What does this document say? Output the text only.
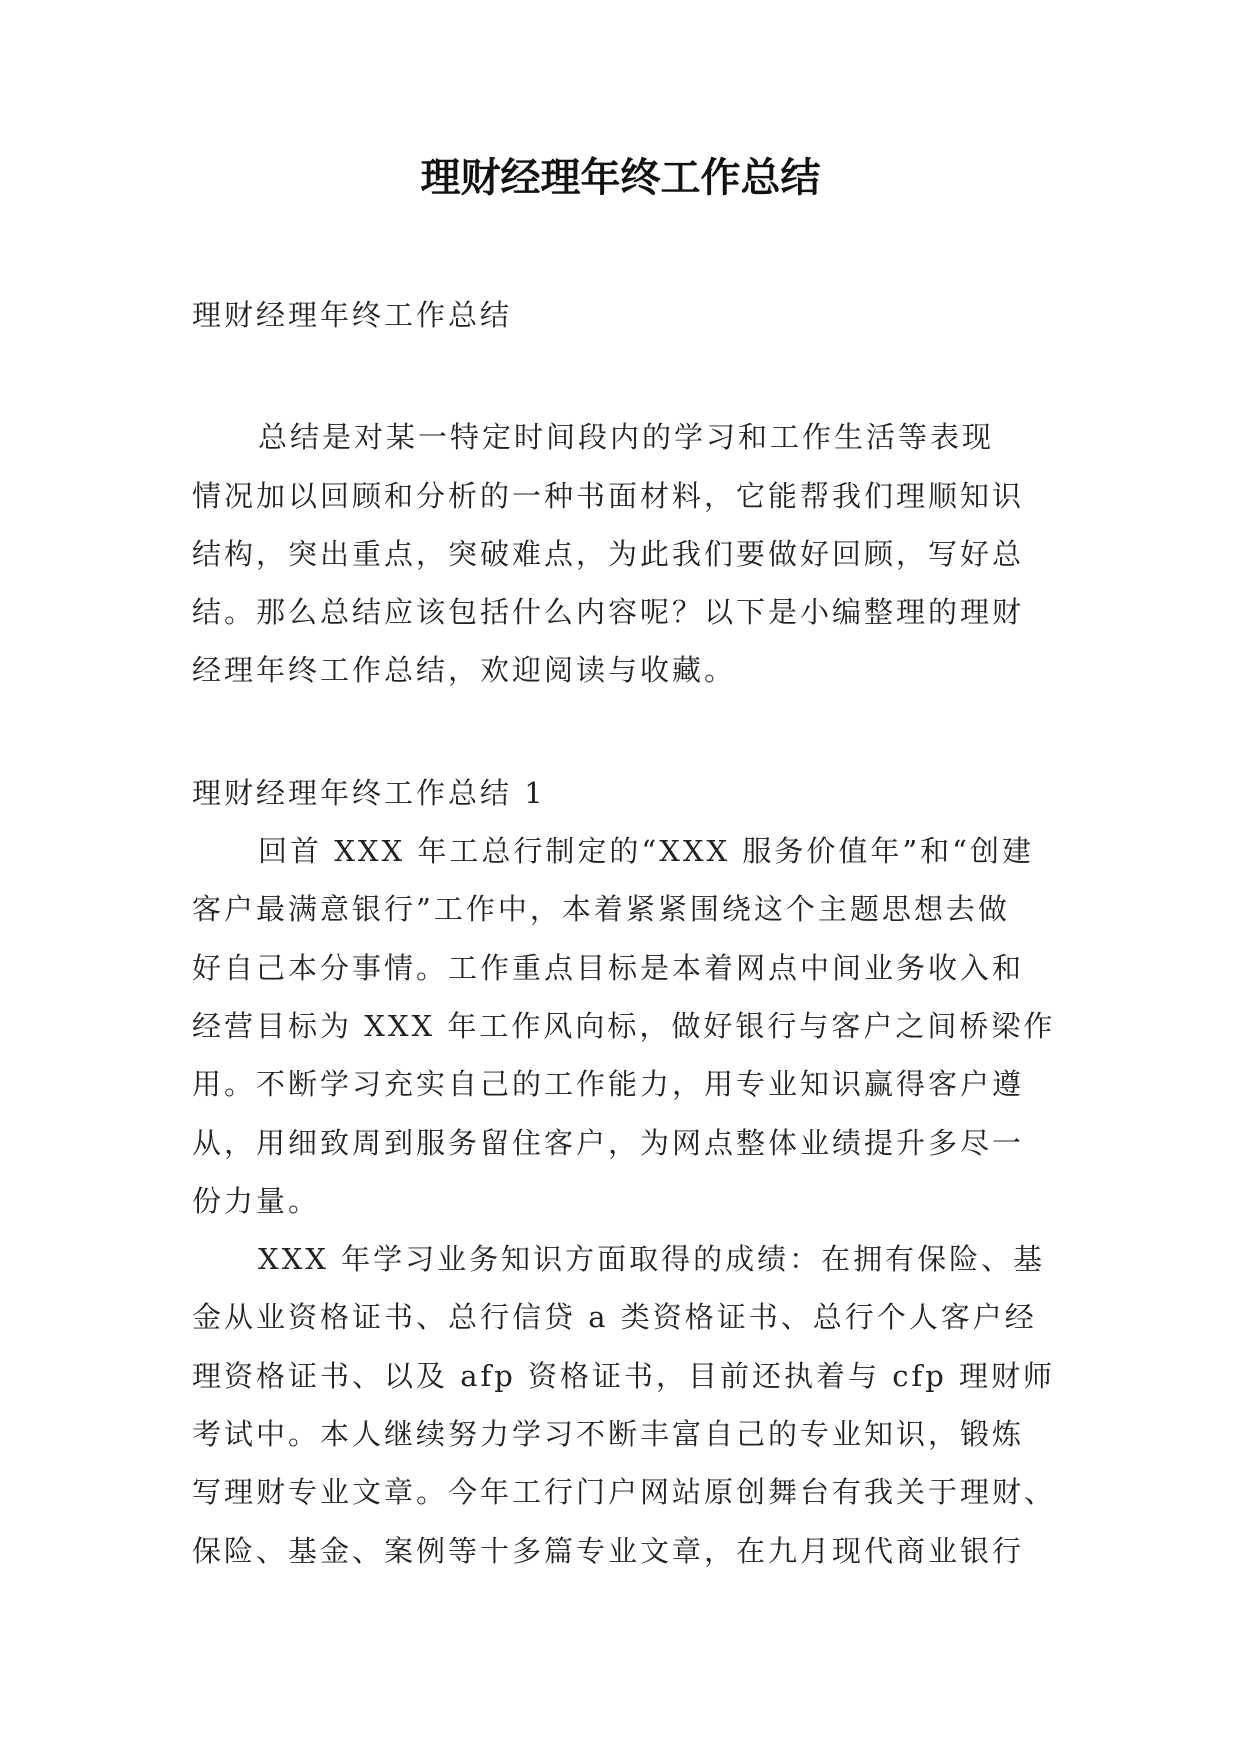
理财经理年终工作总结
理财经理年终工作总结
总结是对某一特定时间段内的学习和工作生活等表现
情况加以回顾和分析的一种书面材料，它能帮我们理顺知识
结构，突出重点，突破难点，为此我们要做好回顾，写好总
结。那么总结应该包括什么内容呢？以下是小编整理的理财
经理年终工作总结，欢迎阅读与收藏。
理财经理年终工作总结 1
回首 XXX 年工总行制定的“XXX 服务价值年”和“创建
客户最满意银行”工作中，本着紧紧围绕这个主题思想去做
好自己本分事情。工作重点目标是本着网点中间业务收入和
经营目标为 XXX 年工作风向标，做好银行与客户之间桥梁作
用。不断学习充实自己的工作能力，用专业知识赢得客户遵
从，用细致周到服务留住客户，为网点整体业绩提升多尽一
份力量。
XXX 年学习业务知识方面取得的成绩：在拥有保险、基
金从业资格证书、总行信贷 a 类资格证书、总行个人客户经
理资格证书、以及 afp 资格证书，目前还执着与 cfp 理财师
考试中。本人继续努力学习不断丰富自己的专业知识，锻炼
写理财专业文章。今年工行门户网站原创舞台有我关于理财、
保险、基金、案例等十多篇专业文章，在九月现代商业银行
